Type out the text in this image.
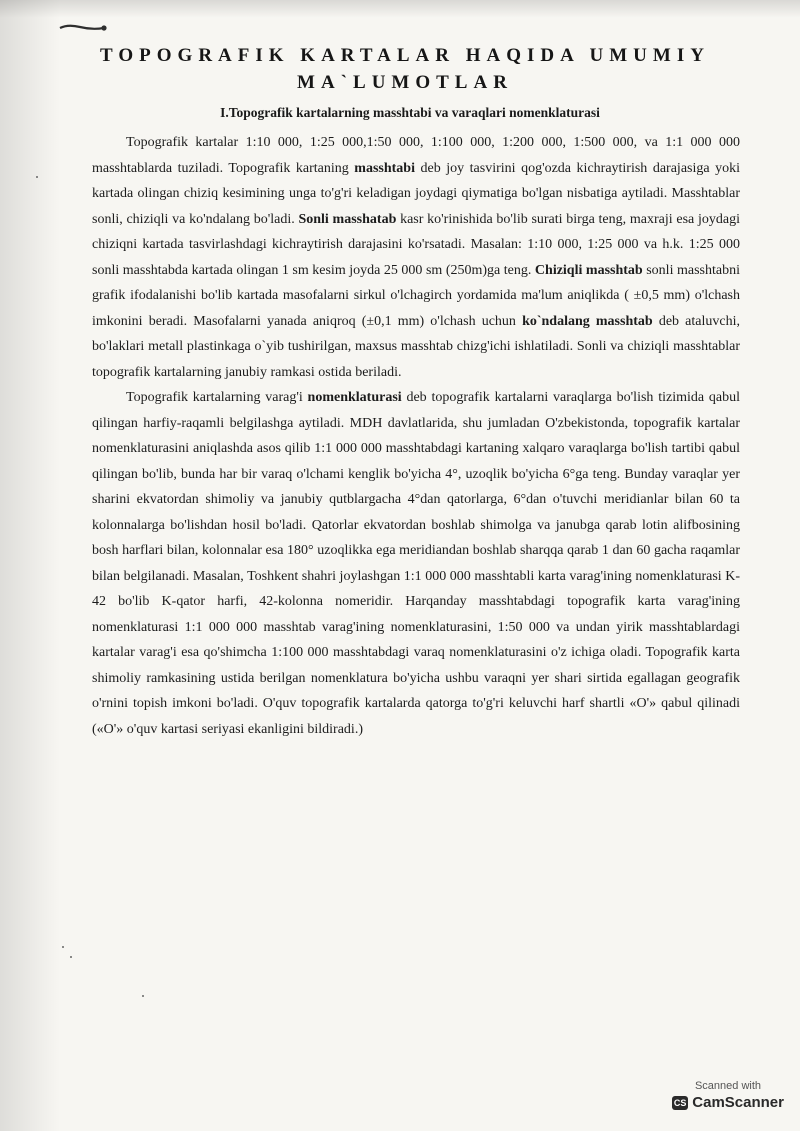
TOPOGRAFIK KARTALAR HAQIDA UMUMIY
MA`LUMOTLAR
I.Topografik kartalarning masshtabi va varaqlari nomenklaturasi

Topografik kartalar 1:10 000, 1:25 000,1:50 000, 1:100 000, 1:200 000, 1:500 000, va 1:1 000 000 masshtablarda tuziladi. Topografik kartaning masshtabi deb joy tasvirini qog'ozda kichraytirish darajasiga yoki kartada olingan chiziq kesimining unga to'g'ri keladigan joydagi qiymatiga bo'lgan nisbatiga aytiladi. Masshtablar sonli, chiziqli va ko'ndalang bo'ladi. Sonli masshatab kasr ko'rinishida bo'lib surati birga teng, maxraji esa joydagi chiziqni kartada tasvirlashdagi kichraytirish darajasini ko'rsatadi. Masalan: 1:10 000, 1:25 000 va h.k. 1:25 000 sonli masshtabda kartada olingan 1 sm kesim joyda 25 000 sm (250m)ga teng. Chiziqli masshtab sonli masshtabni grafik ifodalanishi bo'lib kartada masofalarni sirkul o'lchagirch yordamida ma'lum aniqlikda ( ±0,5 mm) o'lchash imkonini beradi. Masofalarni yanada aniqroq (±0,1 mm) o'lchash uchun ko`ndalang masshtab deb ataluvchi, bo'laklari metall plastinkaga o`yib tushirilgan, maxsus masshtab chizg'ichi ishlatiladi. Sonli va chiziqli masshtablar topografik kartalarning janubiy ramkasi ostida beriladi.

Topografik kartalarning varag'i nomenklaturasi deb topografik kartalarni varaqlarga bo'lish tizimida qabul qilingan harfiy-raqamli belgilashga aytiladi. MDH davlatlarida, shu jumladan O'zbekistonda, topografik kartalar nomenklaturasini aniqlashda asos qilib 1:1 000 000 masshtabdagi kartaning xalqaro varaqlarga bo'lish tartibi qabul qilingan bo'lib, bunda har bir varaq o'lchami kenglik bo'yicha 4°, uzoqlik bo'yicha 6°ga teng. Bunday varaqlar yer sharini ekvatordan shimoliy va janubiy qutblargacha 4°dan qatorlarga, 6°dan o'tuvchi meridianlar bilan 60 ta kolonnalarga bo'lishdan hosil bo'ladi. Qatorlar ekvatordan boshlab shimolga va janubga qarab lotin alifbosining bosh harflari bilan, kolonnalar esa 180° uzoqlikka ega meridiandan boshlab sharqqa qarab 1 dan 60 gacha raqamlar bilan belgilanadi. Masalan, Toshkent shahri joylashgan 1:1 000 000 masshtabli karta varag'ining nomenklaturasi K-42 bo'lib K-qator harfi, 42-kolonna nomeridir. Harqanday masshtabdagi topografik karta varag'ining nomenklaturasi 1:1 000 000 masshtab varag'ining nomenklaturasini, 1:50 000 va undan yirik masshtablardagi kartalar varag'i esa qo'shimcha 1:100 000 masshtabdagi varaq nomenklaturasini o'z ichiga oladi. Topografik karta shimoliy ramkasining ustida berilgan nomenklatura bo'yicha ushbu varaqni yer shari sirtida egallagan geografik o'rnini topish imkoni bo'ladi. O'quv topografik kartalarda qatorga to'g'ri keluvchi harf shartli «O'» qabul qilinadi («O'» o'quv kartasi seriyasi ekanligini bildiradi.)

Scanned with
CS CamScanner
